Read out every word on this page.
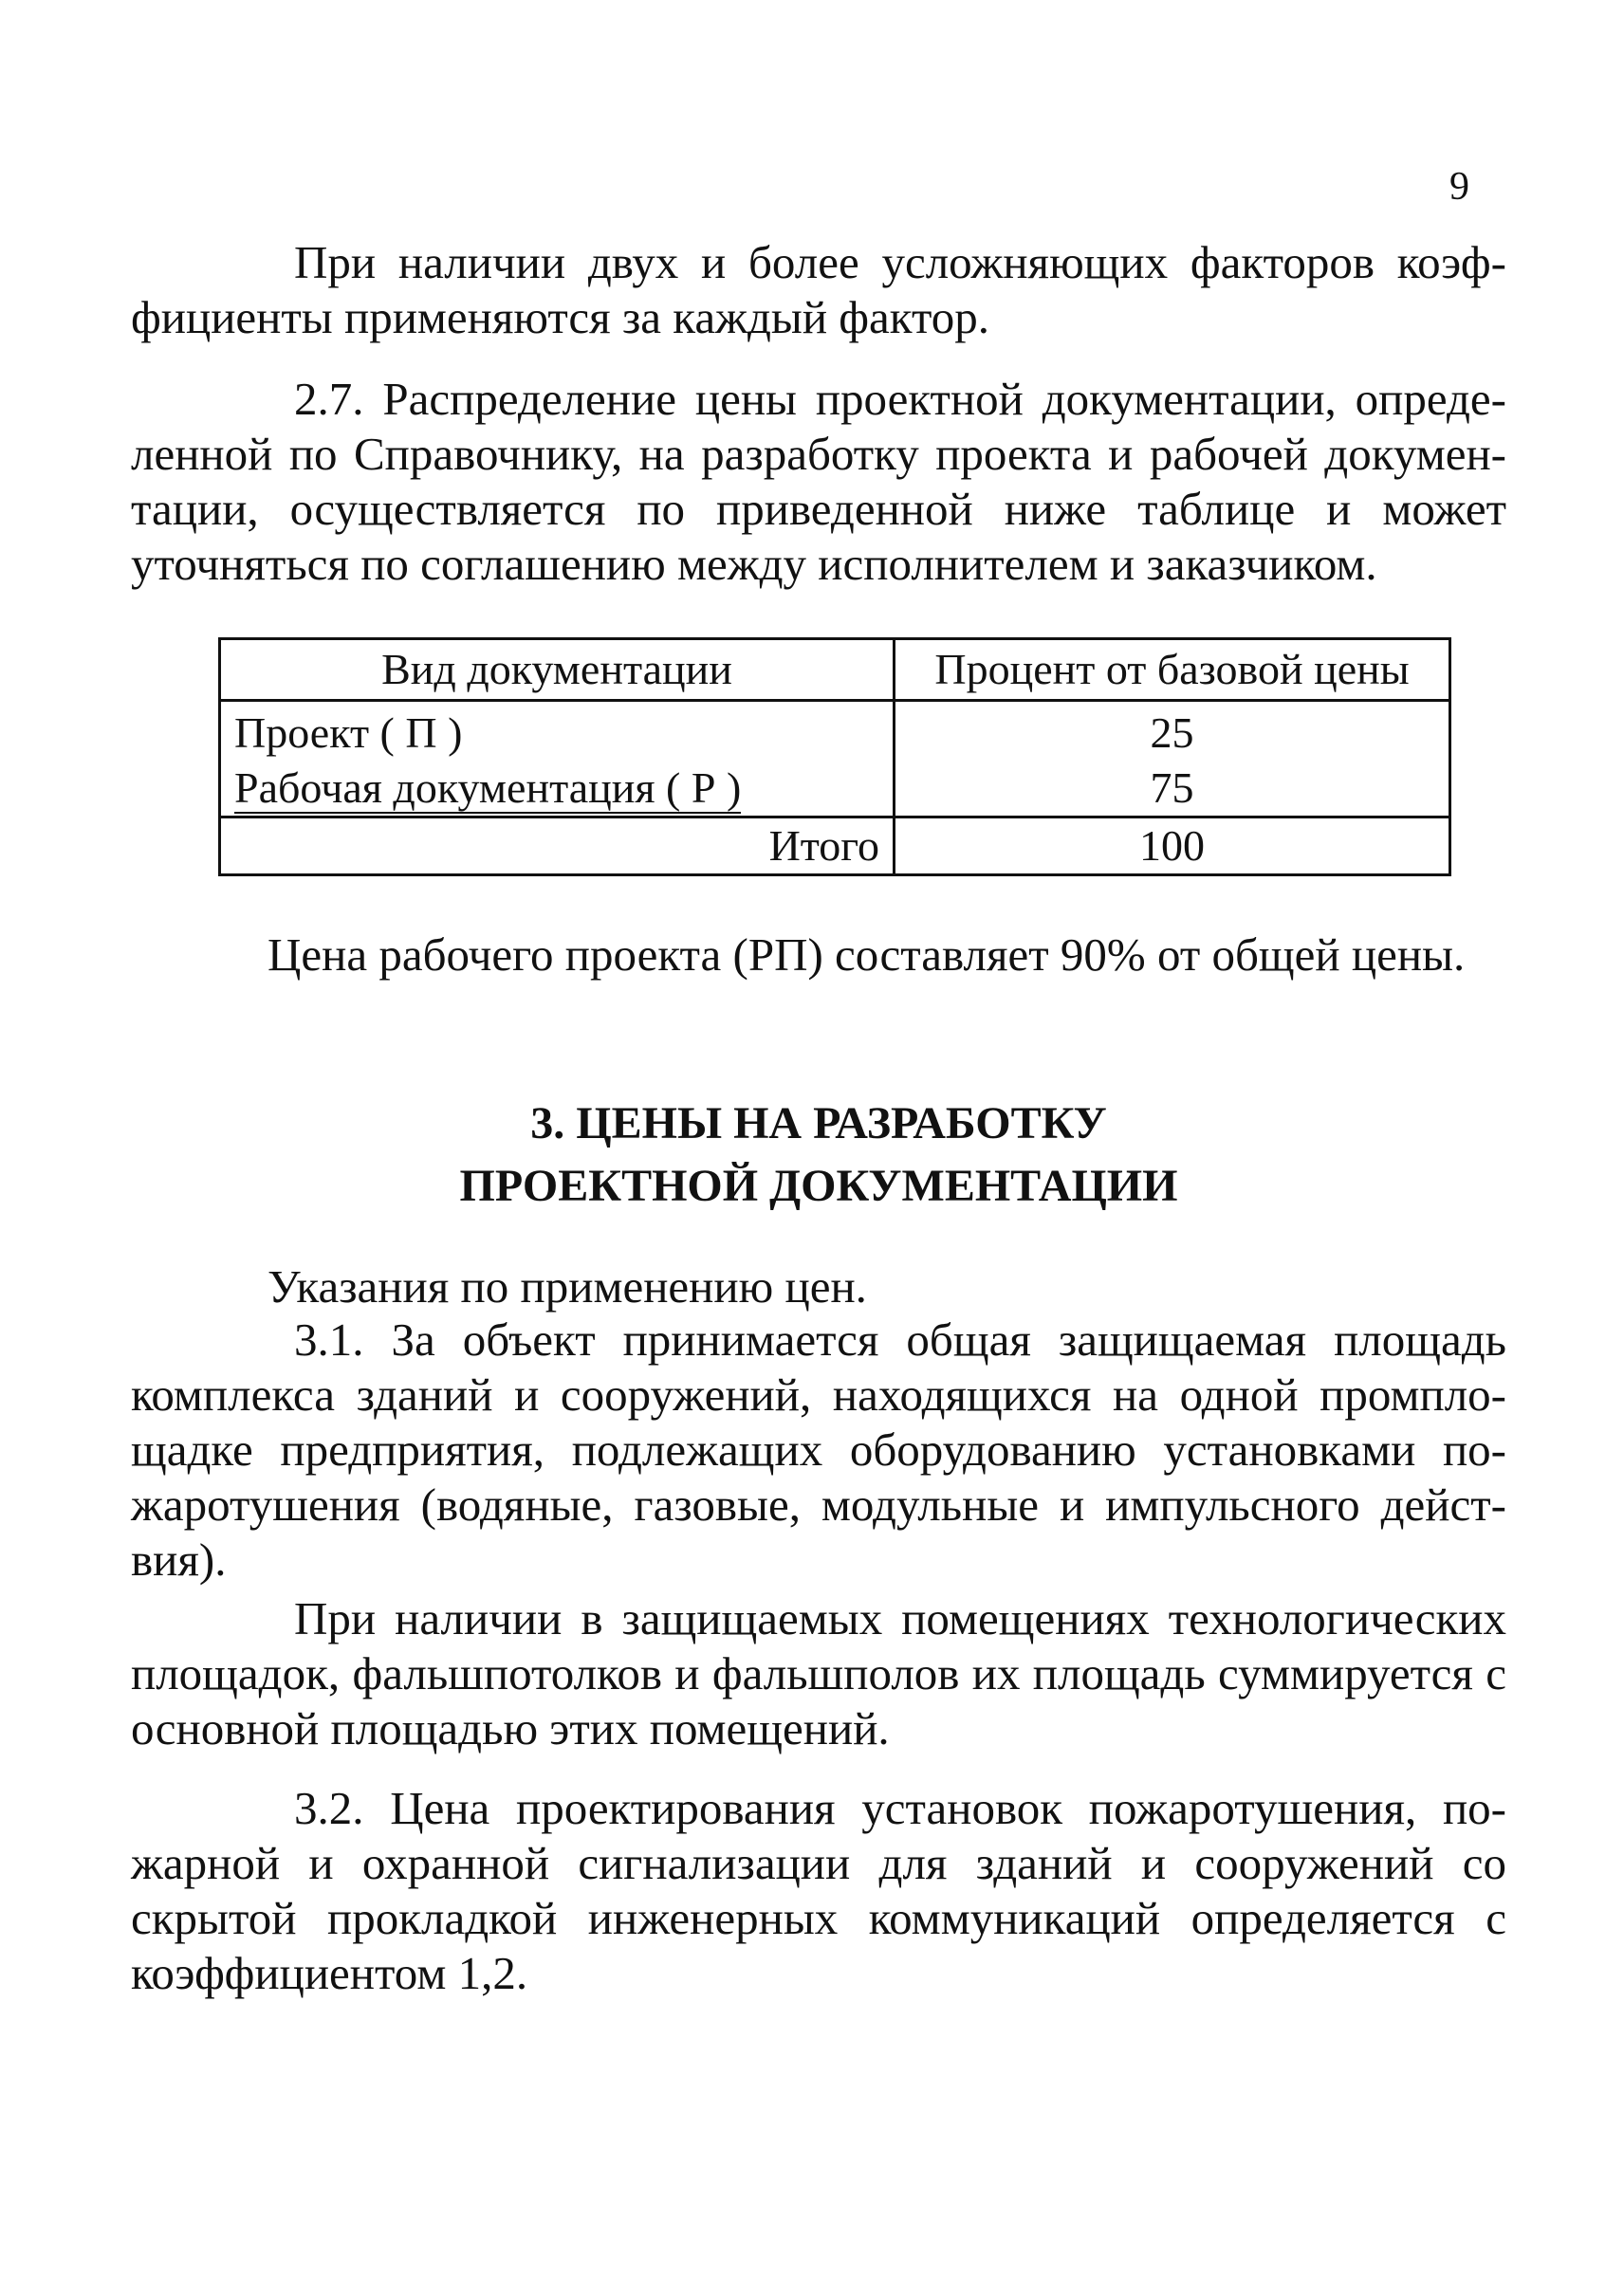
9

При наличии двух и более усложняющих факторов коэффициенты применяются за каждый фактор.

2.7. Распределение цены проектной документации, определенной по Справочнику, на разработку проекта и рабочей документации, осуществляется по приведенной ниже таблице и может уточняться по соглашению между исполнителем и заказчиком.

Вид документации	Процент от базовой цены
Проект ( П )	25
Рабочая документация ( Р )	75
Итого	100
Цена рабочего проекта (РП) составляет 90% от общей цены.
3. ЦЕНЫ НА РАЗРАБОТКУ
ПРОЕКТНОЙ ДОКУМЕНТАЦИИ
Указания по применению цен.

3.1. За объект принимается общая защищаемая площадь комплекса зданий и сооружений, находящихся на одной промплощадке предприятия, подлежащих оборудованию установками пожаротушения (водяные, газовые, модульные и импульсного действия).

При наличии в защищаемых помещениях технологических площадок, фальшпотолков и фальшполов их площадь суммируется с основной площадью этих помещений.

3.2. Цена проектирования установок пожаротушения, пожарной и охранной сигнализации для зданий и сооружений со скрытой прокладкой инженерных коммуникаций определяется с коэффициентом 1,2.
